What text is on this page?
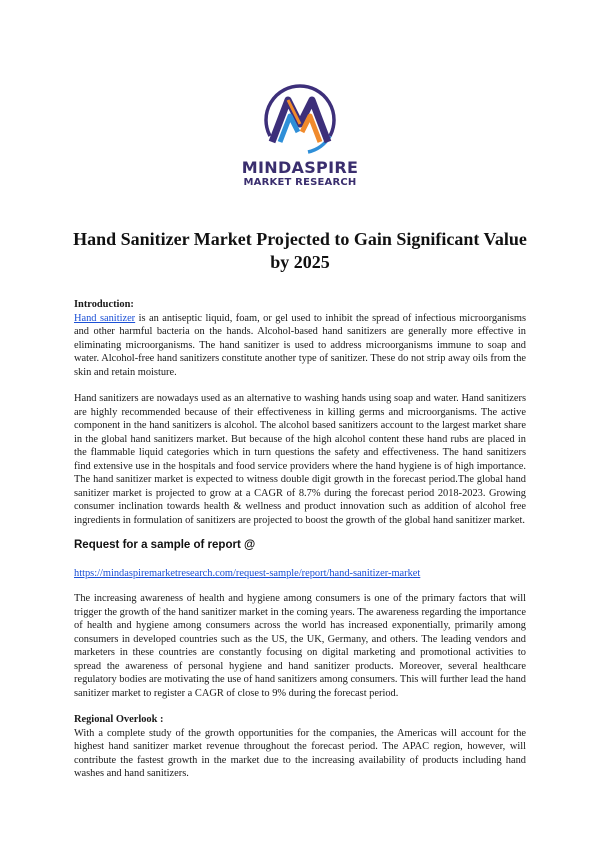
MINDASPIRE
MARKET RESEARCH
Hand Sanitizer Market Projected to Gain Significant Value by 2025

Introduction:

Hand sanitizer is an antiseptic liquid, foam, or gel used to inhibit the spread of infectious microorganisms and other harmful bacteria on the hands. Alcohol-based hand sanitizers are generally more effective in eliminating microorganisms. The hand sanitizer is used to address microorganisms immune to soap and water. Alcohol-free hand sanitizers constitute another type of sanitizer. These do not strip away oils from the skin and retain moisture.

Hand sanitizers are nowadays used as an alternative to washing hands using soap and water. Hand sanitizers are highly recommended because of their effectiveness in killing germs and microorganisms. The active component in the hand sanitizers is alcohol. The alcohol based sanitizers account to the largest market share in the global hand sanitizers market. But because of the high alcohol content these hand rubs are placed in the flammable liquid categories which in turn questions the safety and effectiveness. The hand sanitizers find extensive use in the hospitals and food service providers where the hand hygiene is of high importance. The hand sanitizer market is expected to witness double digit growth in the forecast period.The global hand sanitizer market is projected to grow at a CAGR of 8.7% during the forecast period 2018-2023. Growing consumer inclination towards health & wellness and product innovation such as addition of alcohol free ingredients in formulation of sanitizers are projected to boost the growth of the global hand sanitizer market.

Request for a sample of report @

https://mindaspiremarketresearch.com/request-sample/report/hand-sanitizer-market

The increasing awareness of health and hygiene among consumers is one of the primary factors that will trigger the growth of the hand sanitizer market in the coming years. The awareness regarding the importance of health and hygiene among consumers across the world has increased exponentially, primarily among consumers in developed countries such as the US, the UK, Germany, and others. The leading vendors and marketers in these countries are constantly focusing on digital marketing and promotional activities to spread the awareness of personal hygiene and hand sanitizer products. Moreover, several healthcare regulatory bodies are motivating the use of hand sanitizers among consumers. This will further lead the hand sanitizer market to register a CAGR of close to 9% during the forecast period.

Regional Overlook :

With a complete study of the growth opportunities for the companies, the Americas will account for the highest hand sanitizer market revenue throughout the forecast period. The APAC region, however, will contribute the fastest growth in the market due to the increasing availability of products including hand washes and hand sanitizers.
